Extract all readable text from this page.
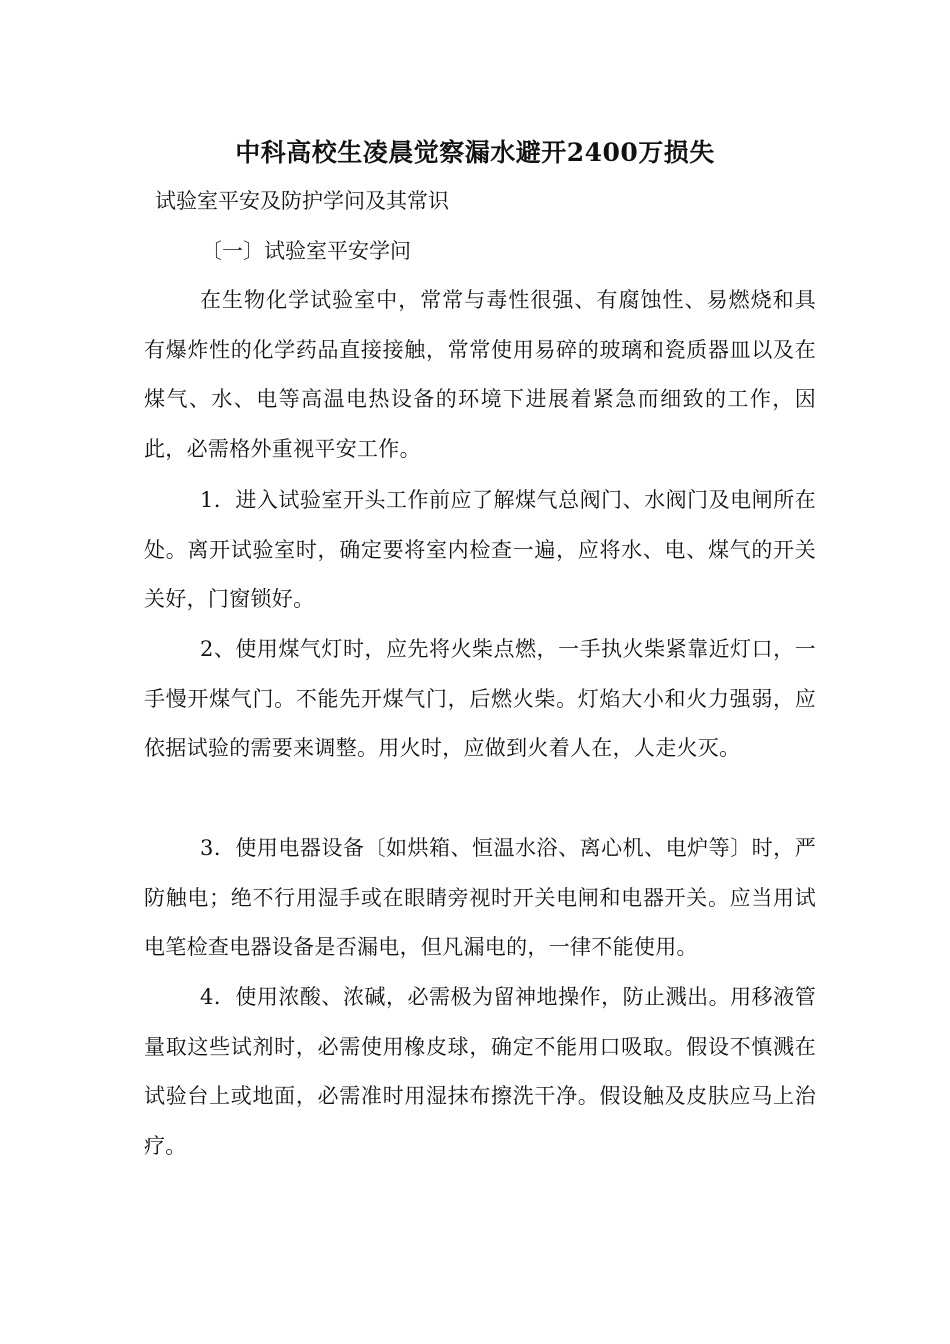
中科高校生凌晨觉察漏水避开2400万损失
试验室平安及防护学问及其常识
〔一〕试验室平安学问
在生物化学试验室中，常常与毒性很强、有腐蚀性、易燃烧和具有爆炸性的化学药品直接接触，常常使用易碎的玻璃和瓷质器皿以及在煤气、水、电等高温电热设备的环境下进展着紧急而细致的工作，因此，必需格外重视平安工作。
1．进入试验室开头工作前应了解煤气总阀门、水阀门及电闸所在处。离开试验室时，确定要将室内检查一遍，应将水、电、煤气的开关关好，门窗锁好。
2、使用煤气灯时，应先将火柴点燃，一手执火柴紧靠近灯口，一手慢开煤气门。不能先开煤气门，后燃火柴。灯焰大小和火力强弱，应依据试验的需要来调整。用火时，应做到火着人在，人走火灭。
3．使用电器设备〔如烘箱、恒温水浴、离心机、电炉等〕时，严防触电；绝不行用湿手或在眼睛旁视时开关电闸和电器开关。应当用试电笔检查电器设备是否漏电，但凡漏电的，一律不能使用。
4．使用浓酸、浓碱，必需极为留神地操作，防止溅出。用移液管量取这些试剂时，必需使用橡皮球，确定不能用口吸取。假设不慎溅在试验台上或地面，必需准时用湿抹布擦洗干净。假设触及皮肤应马上治疗。
